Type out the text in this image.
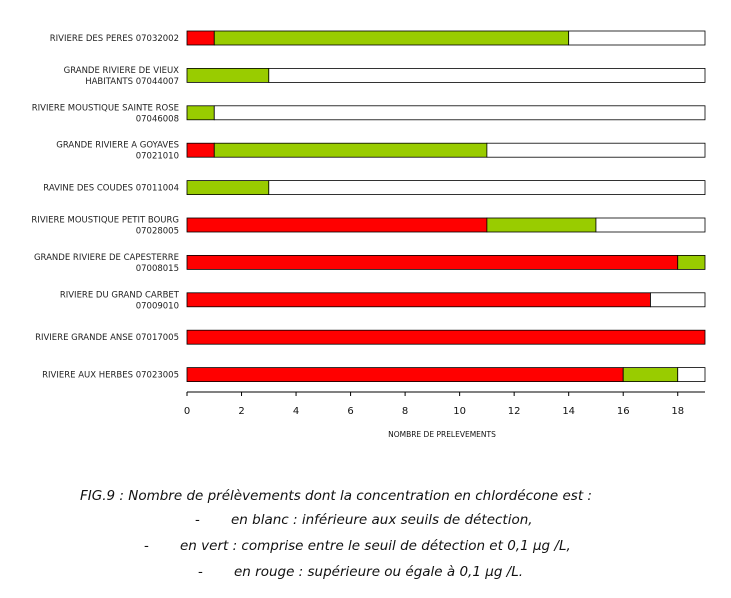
RIVIERE DES PERES 07032002
GRANDE RIVIERE DE VIEUX HABITANTS 07044007
RIVIERE MOUSTIQUE SAINTE ROSE 07046008
GRANDE RIVIERE A GOYAVES 07021010
RAVINE DES COUDES 07011004
RIVIERE MOUSTIQUE PETIT BOURG 07028005
GRANDE RIVIERE DE CAPESTERRE 07008015
RIVIERE DU GRAND CARBET 07009010
RIVIERE GRANDE ANSE 07017005
RIVIERE AUX HERBES 07023005
0	2	4	6	8	10	12	14	16	18
NOMBRE DE PRELEVEMENTS
FIG.9 : Nombre de prélèvements dont la concentration en chlordécone est :
- en blanc : inférieure aux seuils de détection,
- en vert : comprise entre le seuil de détection et 0,1 µg /L,
- en rouge : supérieure ou égale à 0,1 µg /L.
